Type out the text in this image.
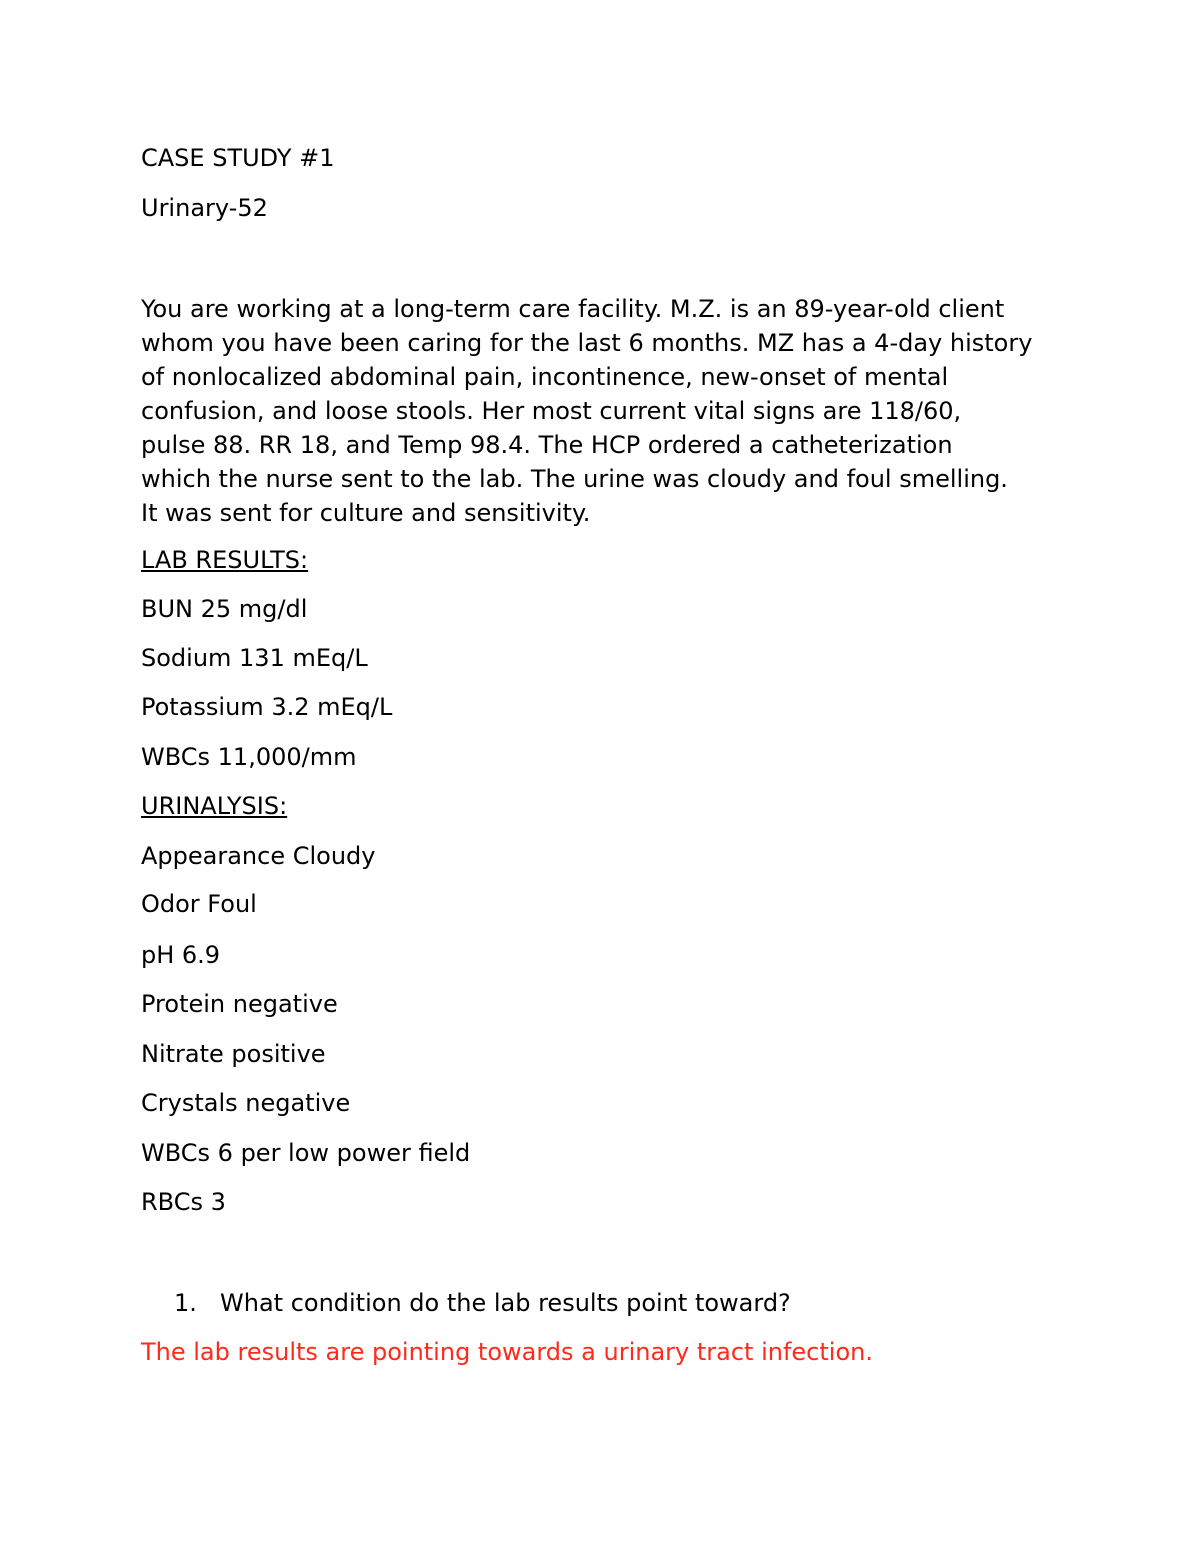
CASE STUDY #1
Urinary-52
You are working at a long-term care facility. M.Z. is an 89-year-old client
whom you have been caring for the last 6 months. MZ has a 4-day history
of nonlocalized abdominal pain, incontinence, new-onset of mental
confusion, and loose stools. Her most current vital signs are 118/60,
pulse 88. RR 18, and Temp 98.4. The HCP ordered a catheterization
which the nurse sent to the lab. The urine was cloudy and foul smelling.
It was sent for culture and sensitivity.
LAB RESULTS:
BUN 25 mg/dl
Sodium 131 mEq/L
Potassium 3.2 mEq/L
WBCs 11,000/mm
URINALYSIS:
Appearance Cloudy
Odor Foul
pH 6.9
Protein negative
Nitrate positive
Crystals negative
WBCs 6 per low power field
RBCs 3
1. What condition do the lab results point toward?
The lab results are pointing towards a urinary tract infection.
